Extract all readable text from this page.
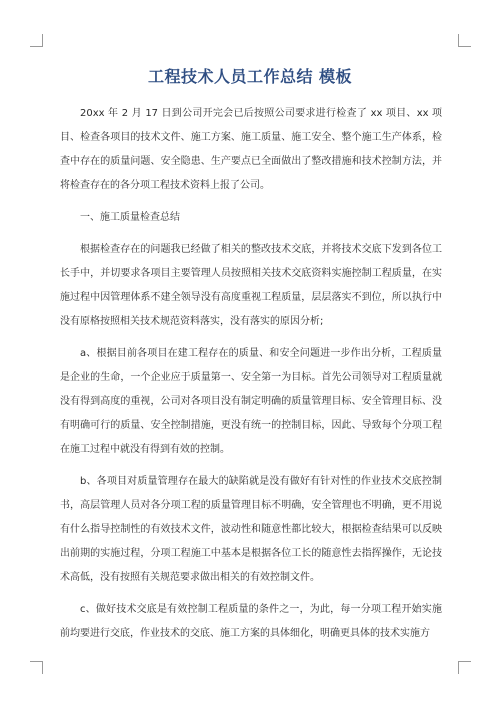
工程技术人员工作总结 模板

20xx 年 2 月 17 日到公司开完会已后按照公司要求进行检查了 xx 项目、xx 项目、检查各项目的技术文件、施工方案、施工质量、施工安全、整个施工生产体系，检查中存在的质量问题、安全隐患、生产要点已全面做出了整改措施和技术控制方法，并将检查存在的各分项工程技术资料上报了公司。

一、施工质量检查总结

根据检查存在的问题我已经做了相关的整改技术交底，并将技术交底下发到各位工长手中，并切要求各项目主要管理人员按照相关技术交底资料实施控制工程质量，在实施过程中因管理体系不建全领导没有高度重视工程质量，层层落实不到位，所以执行中没有原格按照相关技术规范资料落实，没有落实的原因分析;

a、根据目前各项目在建工程存在的质量、和安全问题进一步作出分析，工程质量是企业的生命，一个企业应于质量第一、安全第一为目标。首先公司领导对工程质量就没有得到高度的重视，公司对各项目没有制定明确的质量管理目标、安全管理目标、没有明确可行的质量、安全控制措施，更没有统一的控制目标，因此、导致每个分项工程在施工过程中就没有得到有效的控制。

b、各项目对质量管理存在最大的缺陷就是没有做好有针对性的作业技术交底控制书，高层管理人员对各分项工程的质量管理目标不明确，安全管理也不明确，更不用说有什么指导控制性的有效技术文件，波动性和随意性都比较大，根据检查结果可以反映出前期的实施过程，分项工程施工中基本是根据各位工长的随意性去指挥操作，无论技术高低，没有按照有关规范要求做出相关的有效控制文件。

c、做好技术交底是有效控制工程质量的条件之一，为此，每一分项工程开始实施前均要进行交底，作业技术的交底、施工方案的具体细化，明确更具体的技术实施方
